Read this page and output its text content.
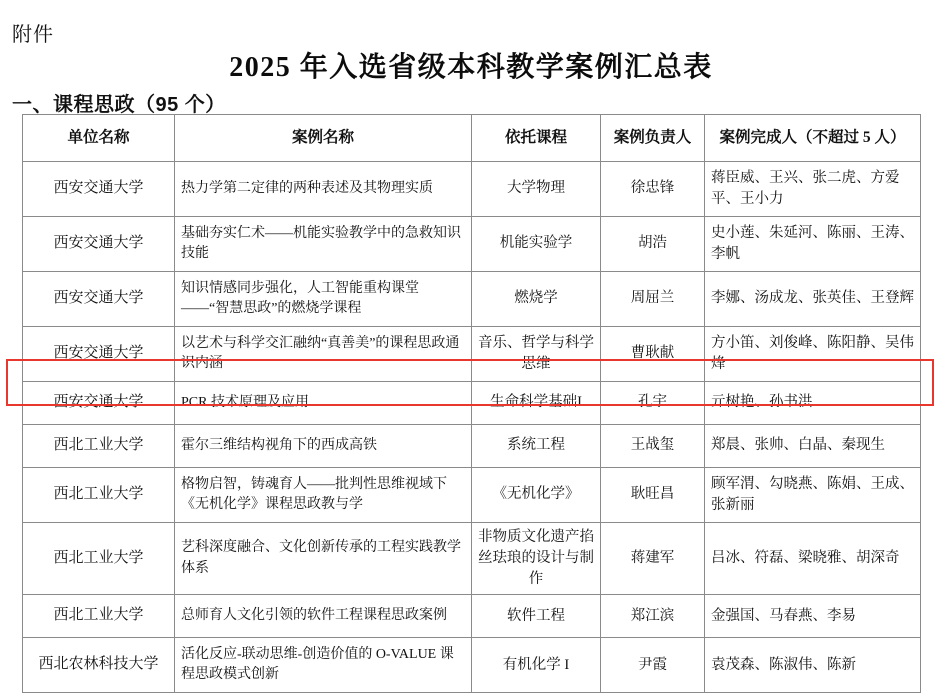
附件
2025 年入选省级本科教学案例汇总表
一、课程思政（95 个）
单位名称	案例名称	依托课程	案例负责人	案例完成人（不超过 5 人）
西安交通大学	热力学第二定律的两种表述及其物理实质	大学物理	徐忠锋	蒋臣威、王兴、张二虎、方爱平、王小力
西安交通大学	基础夯实仁术——机能实验教学中的急救知识技能	机能实验学	胡浩	史小莲、朱延河、陈丽、王涛、李帆
西安交通大学	知识情感同步强化，人工智能重构课堂——“智慧思政”的燃烧学课程	燃烧学	周屈兰	李娜、汤成龙、张英佳、王登辉
西安交通大学	以艺术与科学交汇融纳“真善美”的课程思政通识内涵	音乐、哲学与科学思维	曹耿献	方小笛、刘俊峰、陈阳静、吴伟烽
西安交通大学	PCR 技术原理及应用	生命科学基础I	孔宇	亓树艳、孙书洪
西北工业大学	霍尔三维结构视角下的西成高铁	系统工程	王战玺	郑晨、张帅、白晶、秦现生
西北工业大学	格物启智，铸魂育人——批判性思维视域下《无机化学》课程思政教与学	《无机化学》	耿旺昌	顾军渭、勾晓燕、陈娟、王成、张新丽
西北工业大学	艺科深度融合、文化创新传承的工程实践教学体系	非物质文化遗产掐丝珐琅的设计与制作	蒋建军	吕冰、符磊、梁晓雅、胡深奇
西北工业大学	总师育人文化引领的软件工程课程思政案例	软件工程	郑江滨	金强国、马春燕、李易
西北农林科技大学	活化反应-联动思维-创造价值的 O-VALUE 课程思政模式创新	有机化学 I	尹霞	袁茂森、陈淑伟、陈新
